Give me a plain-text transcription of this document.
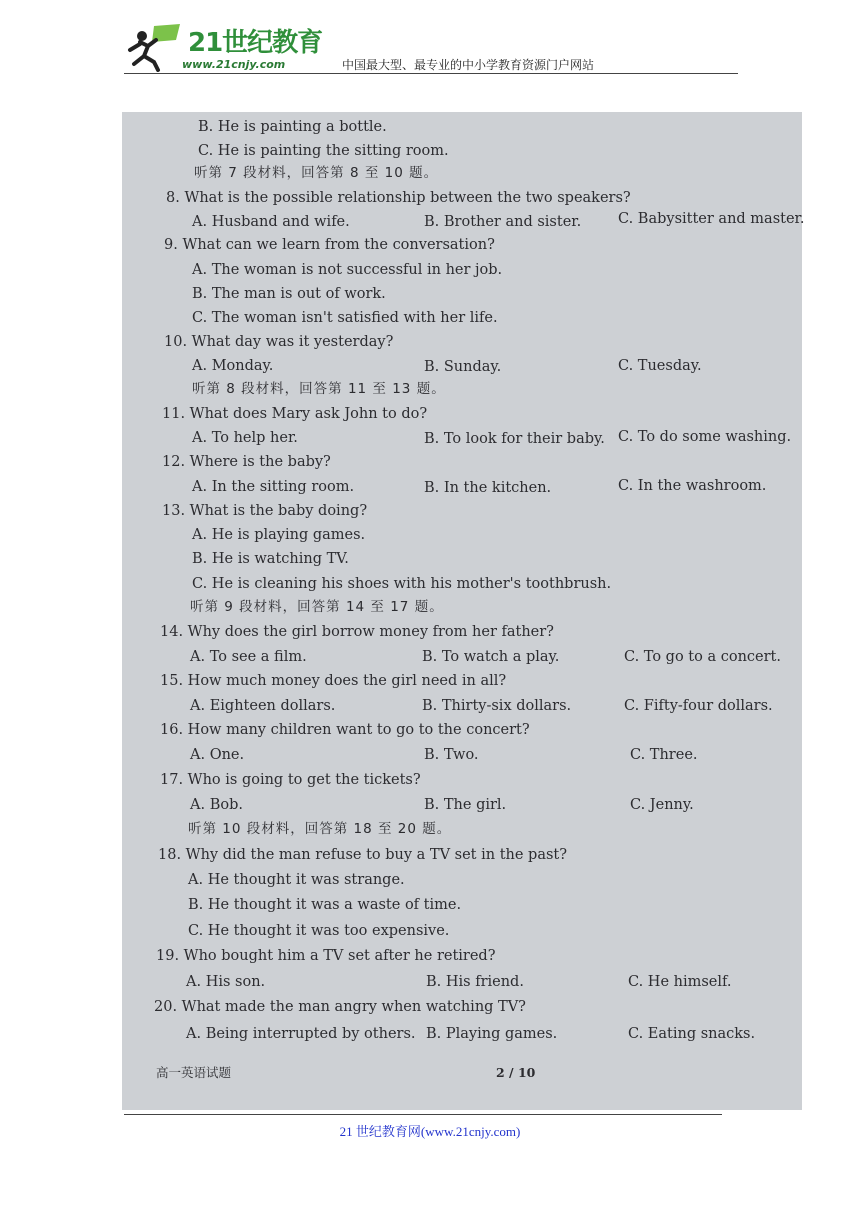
21世纪教育
www.21cnjy.com	中国最大型、最专业的中小学教育资源门户网站
B. He is painting a bottle.
C. He is painting the sitting room.
听第 7 段材料，回答第 8 至 10 题。
8. What is the possible relationship between the two speakers?
A. Husband and wife.	B. Brother and sister.	C. Babysitter and master.
9. What can we learn from the conversation?
A. The woman is not successful in her job.
B. The man is out of work.
C. The woman isn't satisfied with her life.
10. What day was it yesterday?
A. Monday.	B. Sunday.	C. Tuesday.
听第 8 段材料，回答第 11 至 13 题。
11. What does Mary ask John to do?
A. To help her.	B. To look for their baby. C. To do some washing.
12. Where is the baby?
A. In the sitting room.	B. In the kitchen.	C. In the washroom.
13. What is the baby doing?
A. He is playing games.
B. He is watching TV.
C. He is cleaning his shoes with his mother's toothbrush.
听第 9 段材料，回答第 14 至 17 题。
14. Why does the girl borrow money from her father?
A. To see a film.	B. To watch a play.	C. To go to a concert.
15. How much money does the girl need in all?
A. Eighteen dollars.	B. Thirty-six dollars.	C. Fifty-four dollars.
16. How many children want to go to the concert?
A. One.	B. Two.	C. Three.
17. Who is going to get the tickets?
A. Bob.	B. The girl.	C. Jenny.
听第 10 段材料，回答第 18 至 20 题。
18. Why did the man refuse to buy a TV set in the past?
A. He thought it was strange.
B. He thought it was a waste of time.
C. He thought it was too expensive.
19. Who bought him a TV set after he retired?
A. His son.	B. His friend.	C. He himself.
20. What made the man angry when watching TV?
A. Being interrupted by others. B. Playing games.	C. Eating snacks.
高一英语试题	2 / 10
21 世纪教育网(www.21cnjy.com)
